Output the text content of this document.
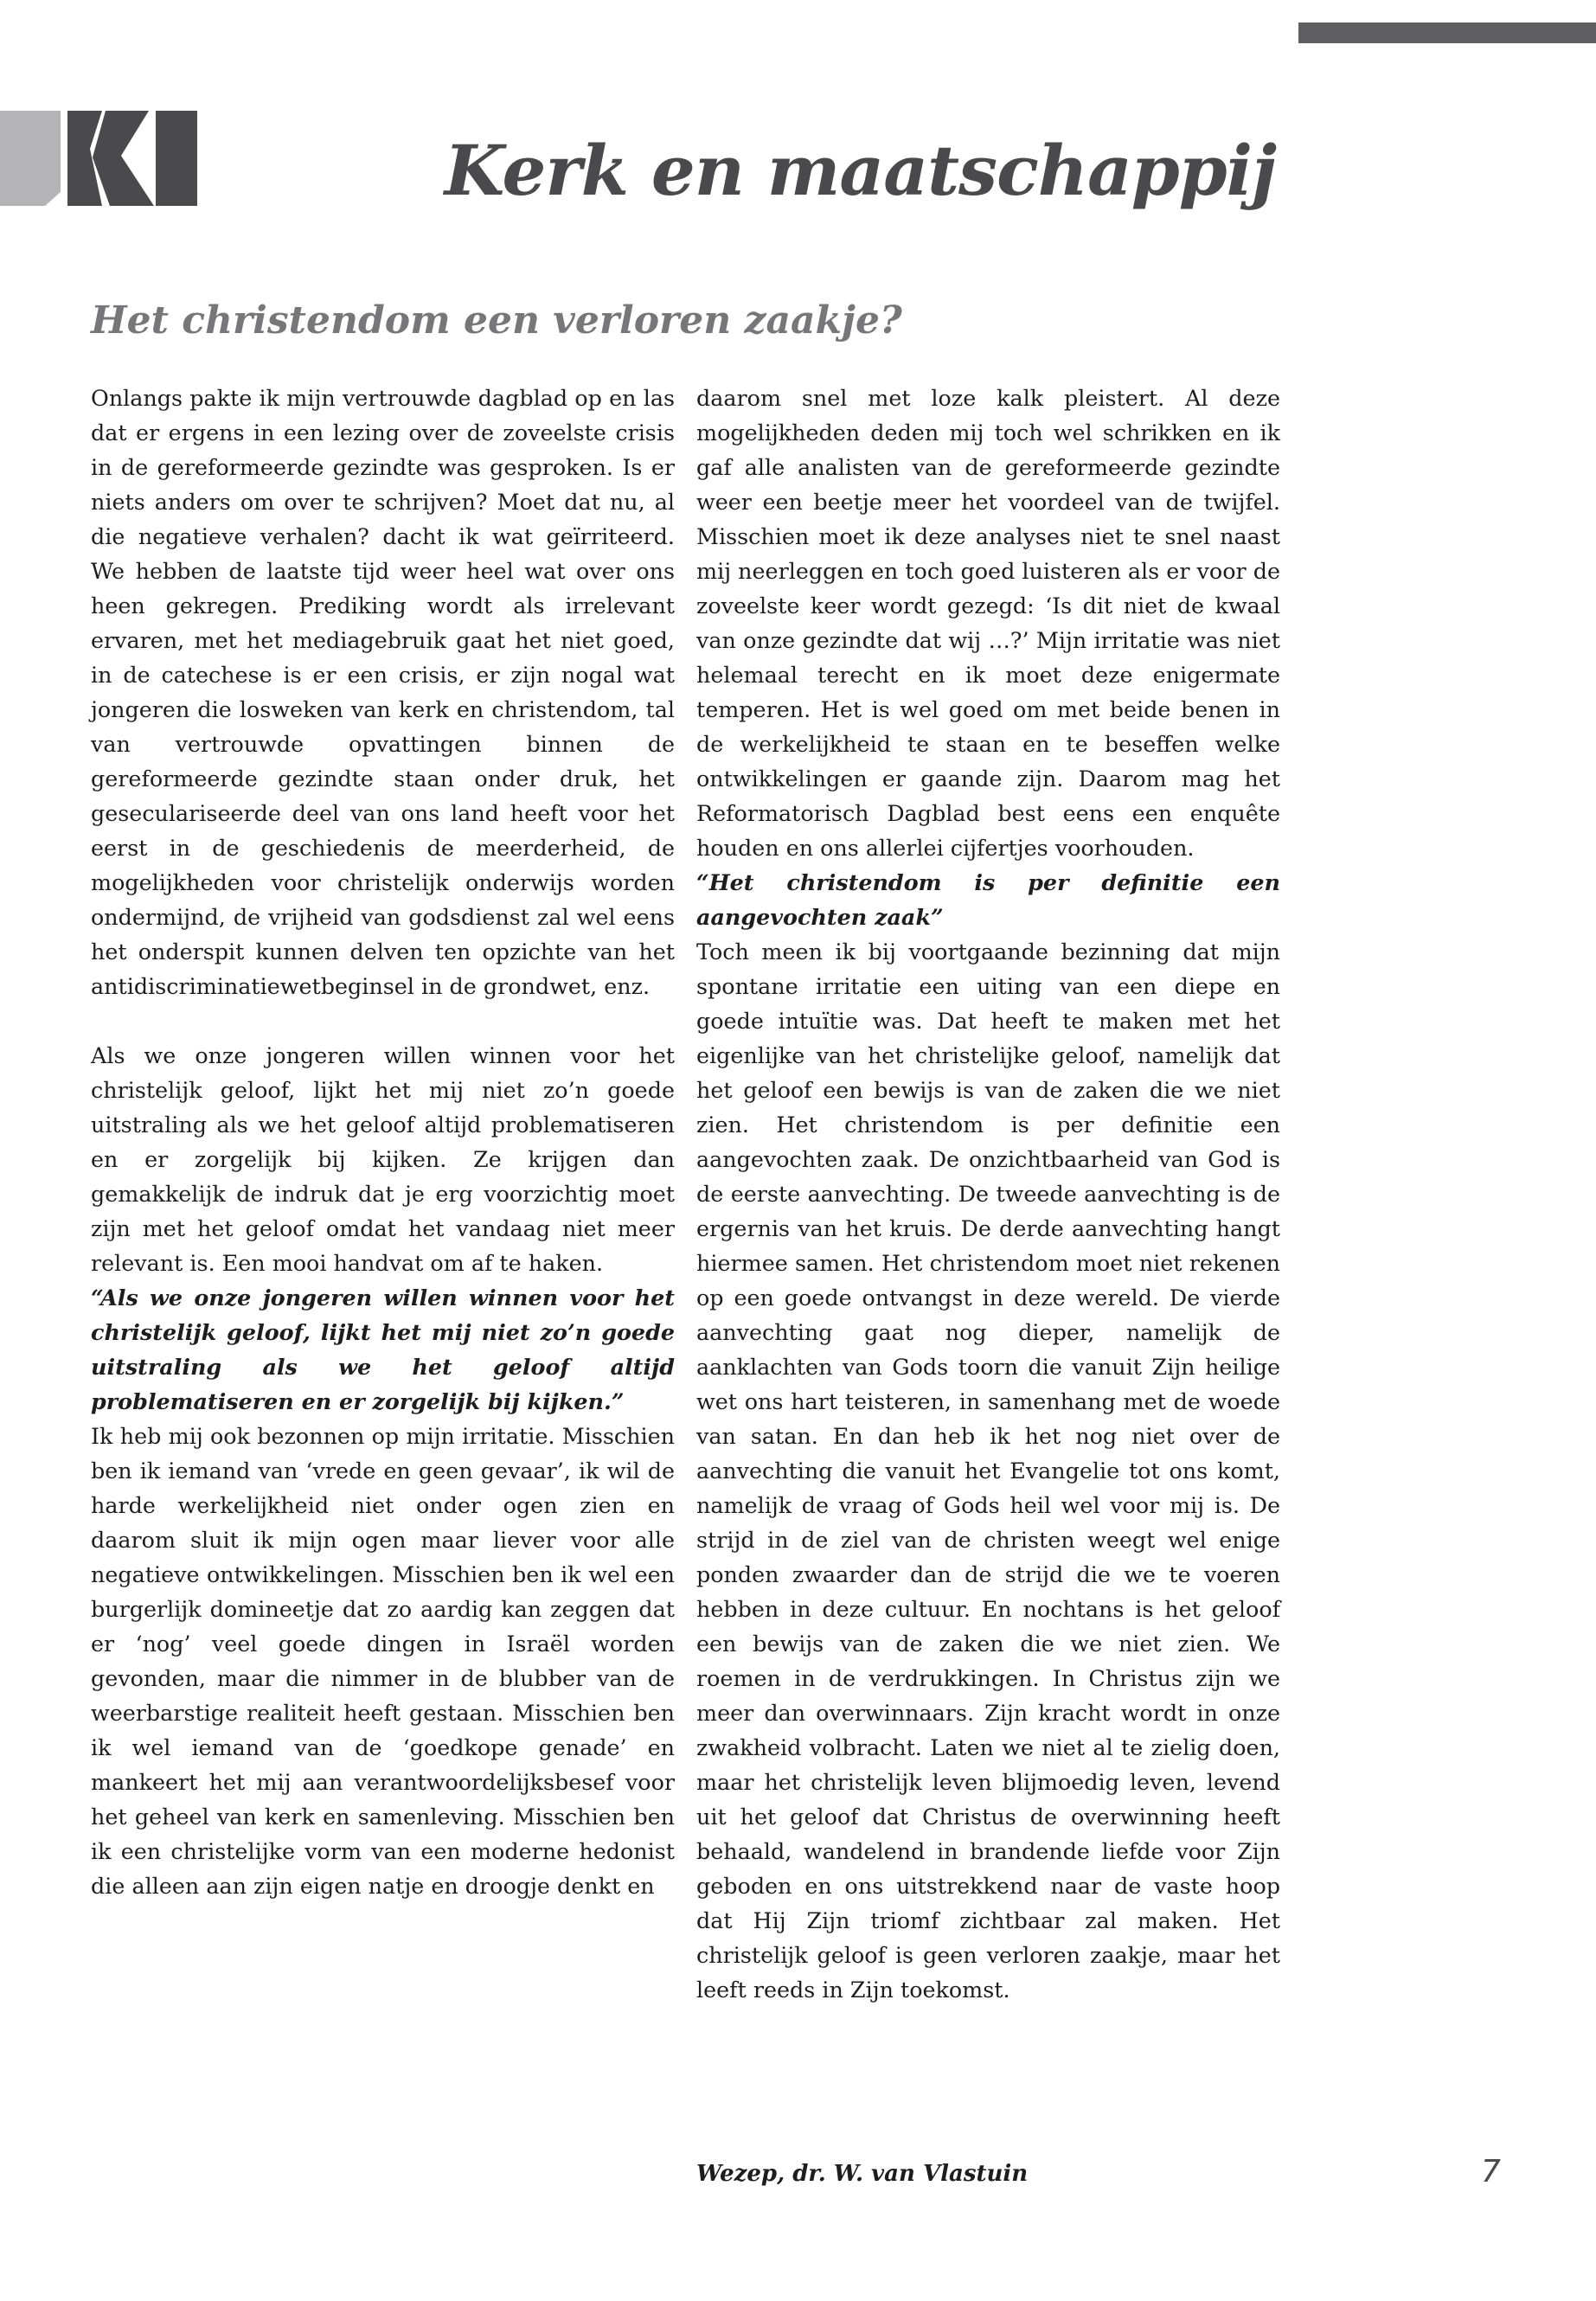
Kerk en maatschappij
Het christendom een verloren zaakje?

Onlangs pakte ik mijn vertrouwde dagblad op en las dat er ergens in een lezing over de zoveelste crisis in de gereformeerde gezindte was gesproken. Is er niets anders om over te schrijven? Moet dat nu, al die negatieve verhalen? dacht ik wat geïrriteerd. We hebben de laatste tijd weer heel wat over ons heen gekregen. Prediking wordt als irrelevant ervaren, met het mediagebruik gaat het niet goed, in de catechese is er een crisis, er zijn nogal wat jongeren die losweken van kerk en christendom, tal van vertrouwde opvattingen binnen de gereformeerde gezindte staan onder druk, het geseculariseerde deel van ons land heeft voor het eerst in de geschiedenis de meerderheid, de mogelijkheden voor christelijk onderwijs worden ondermijnd, de vrijheid van godsdienst zal wel eens het onderspit kunnen delven ten opzichte van het antidiscriminatiewetbeginsel in de grondwet, enz.

Als we onze jongeren willen winnen voor het christelijk geloof, lijkt het mij niet zo’n goede uitstraling als we het geloof altijd problematiseren en er zorgelijk bij kijken. Ze krijgen dan gemakkelijk de indruk dat je erg voorzichtig moet zijn met het geloof omdat het vandaag niet meer relevant is. Een mooi handvat om af te haken.

“Als we onze jongeren willen winnen voor het christelijk geloof, lijkt het mij niet zo’n goede uitstraling als we het geloof altijd problematiseren en er zorgelijk bij kijken.”

Ik heb mij ook bezonnen op mijn irritatie. Misschien ben ik iemand van ‘vrede en geen gevaar’, ik wil de harde werkelijkheid niet onder ogen zien en daarom sluit ik mijn ogen maar liever voor alle negatieve ontwikkelingen. Misschien ben ik wel een burgerlijk domineetje dat zo aardig kan zeggen dat er ‘nog’ veel goede dingen in Israël worden gevonden, maar die nimmer in de blubber van de weerbarstige realiteit heeft gestaan. Misschien ben ik wel iemand van de ‘goedkope genade’ en mankeert het mij aan verantwoordelijksbesef voor het geheel van kerk en samenleving. Misschien ben ik een christelijke vorm van een moderne hedonist die alleen aan zijn eigen natje en droogje denkt en

daarom snel met loze kalk pleistert. Al deze mogelijkheden deden mij toch wel schrikken en ik gaf alle analisten van de gereformeerde gezindte weer een beetje meer het voordeel van de twijfel. Misschien moet ik deze analyses niet te snel naast mij neerleggen en toch goed luisteren als er voor de zoveelste keer wordt gezegd: ‘Is dit niet de kwaal van onze gezindte dat wij …?’ Mijn irritatie was niet helemaal terecht en ik moet deze enigermate temperen. Het is wel goed om met beide benen in de werkelijkheid te staan en te beseffen welke ontwikkelingen er gaande zijn. Daarom mag het Reformatorisch Dagblad best eens een enquête houden en ons allerlei cijfertjes voorhouden.

“Het christendom is per definitie een aangevochten zaak”

Toch meen ik bij voortgaande bezinning dat mijn spontane irritatie een uiting van een diepe en goede intuïtie was. Dat heeft te maken met het eigenlijke van het christelijke geloof, namelijk dat het geloof een bewijs is van de zaken die we niet zien. Het christendom is per definitie een aangevochten zaak. De onzichtbaarheid van God is de eerste aanvechting. De tweede aanvechting is de ergernis van het kruis. De derde aanvechting hangt hiermee samen. Het christendom moet niet rekenen op een goede ontvangst in deze wereld. De vierde aanvechting gaat nog dieper, namelijk de aanklachten van Gods toorn die vanuit Zijn heilige wet ons hart teisteren, in samenhang met de woede van satan. En dan heb ik het nog niet over de aanvechting die vanuit het Evangelie tot ons komt, namelijk de vraag of Gods heil wel voor mij is. De strijd in de ziel van de christen weegt wel enige ponden zwaarder dan de strijd die we te voeren hebben in deze cultuur. En nochtans is het geloof een bewijs van de zaken die we niet zien. We roemen in de verdrukkingen. In Christus zijn we meer dan overwinnaars. Zijn kracht wordt in onze zwakheid volbracht. Laten we niet al te zielig doen, maar het christelijk leven blijmoedig leven, levend uit het geloof dat Christus de overwinning heeft behaald, wandelend in brandende liefde voor Zijn geboden en ons uitstrekkend naar de vaste hoop dat Hij Zijn triomf zichtbaar zal maken. Het christelijk geloof is geen verloren zaakje, maar het leeft reeds in Zijn toekomst.

Wezep, dr. W. van Vlastuin	7
